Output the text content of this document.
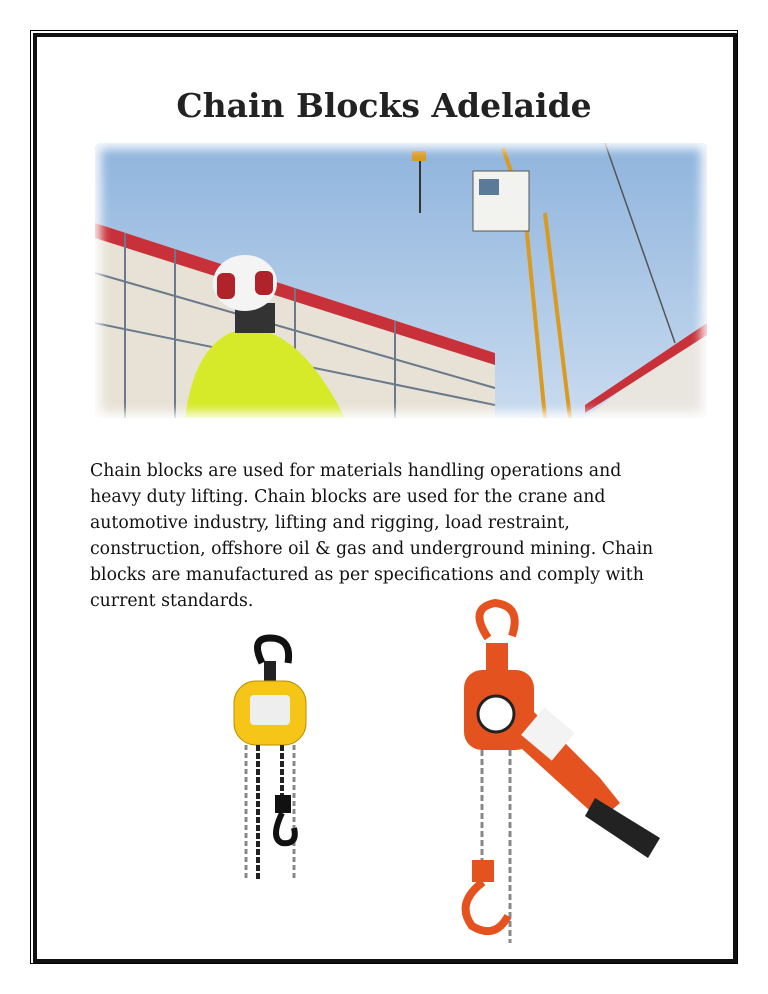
Chain Blocks Adelaide

Chain blocks are used for materials handling operations and heavy duty lifting. Chain blocks are used for the crane and automotive industry, lifting and rigging, load restraint, construction, offshore oil & gas and underground mining. Chain blocks are manufactured as per specifications and comply with current standards.
